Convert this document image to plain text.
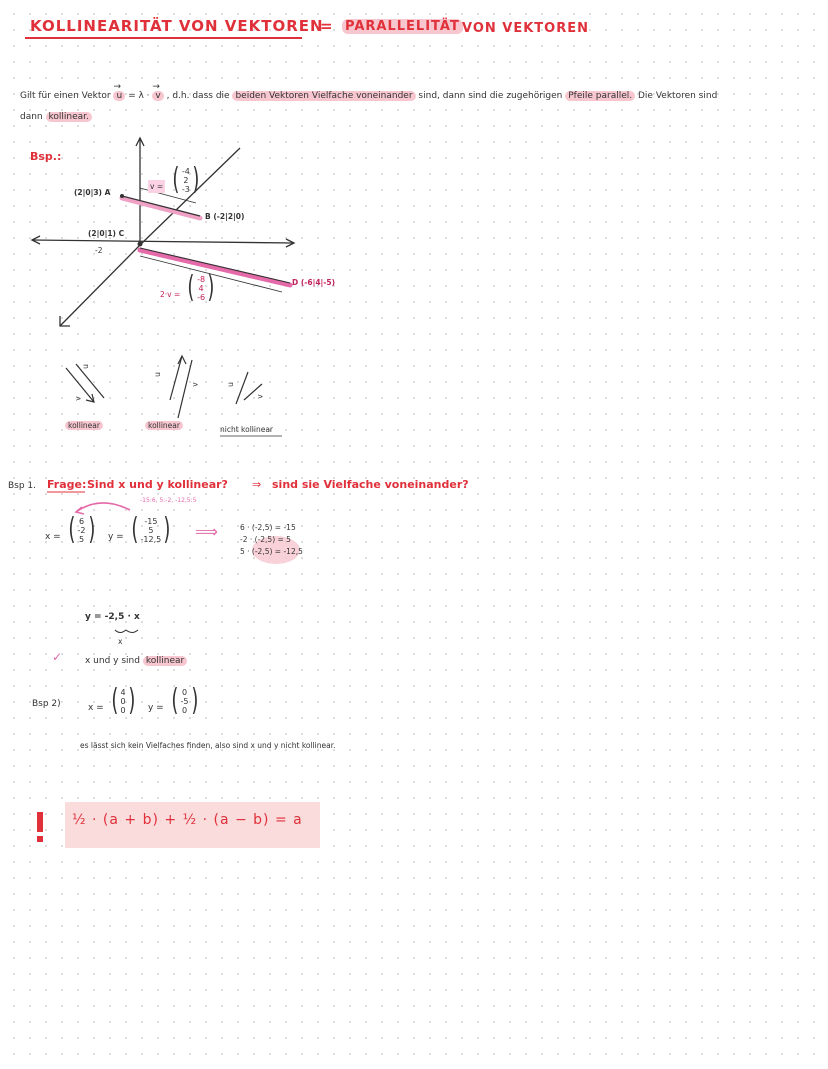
KOLLINEARITÄT VON VEKTOREN
= PARALLELITÄT VON VEKTOREN
Gilt für einen Vektor → u = λ · → v , d.h. dass die beiden Vektoren Vielfache voneinander sind, dann sind die zugehörigen Pfeile parallel. Die Vektoren sind
dann kollinear.
Bsp.:
(2|0|3) A
(2|0|1) C
B (-2|2|0)
D (-6|4|-5)
-2
v = ( -4
2
-3 )
2·v = ( -8
4
-6 )
u
v
u
v	u
v
kollinear	kollinear	nicht kollinear
Bsp 1. Frage: Sind x und y kollinear? ⇒ sind sie Vielfache voneinander?
-15:6, 5:-2, -12,5:5
x = ( 6
-2
5 ) y = ( -15
5
-12,5 ) ⟹	6 · (-2,5) = -15
-2 · (-2,5) = 5
5 · (-2,5) = -12,5
y = -2,5 · x
x
✓	x und y sind kollinear
Bsp 2)	x = ( 4
0
0 ) y = ( 0
-5
0 )
es lässt sich kein Vielfaches finden, also sind x und y nicht kollinear.
½ · (a + b) + ½ · (a − b) = a
